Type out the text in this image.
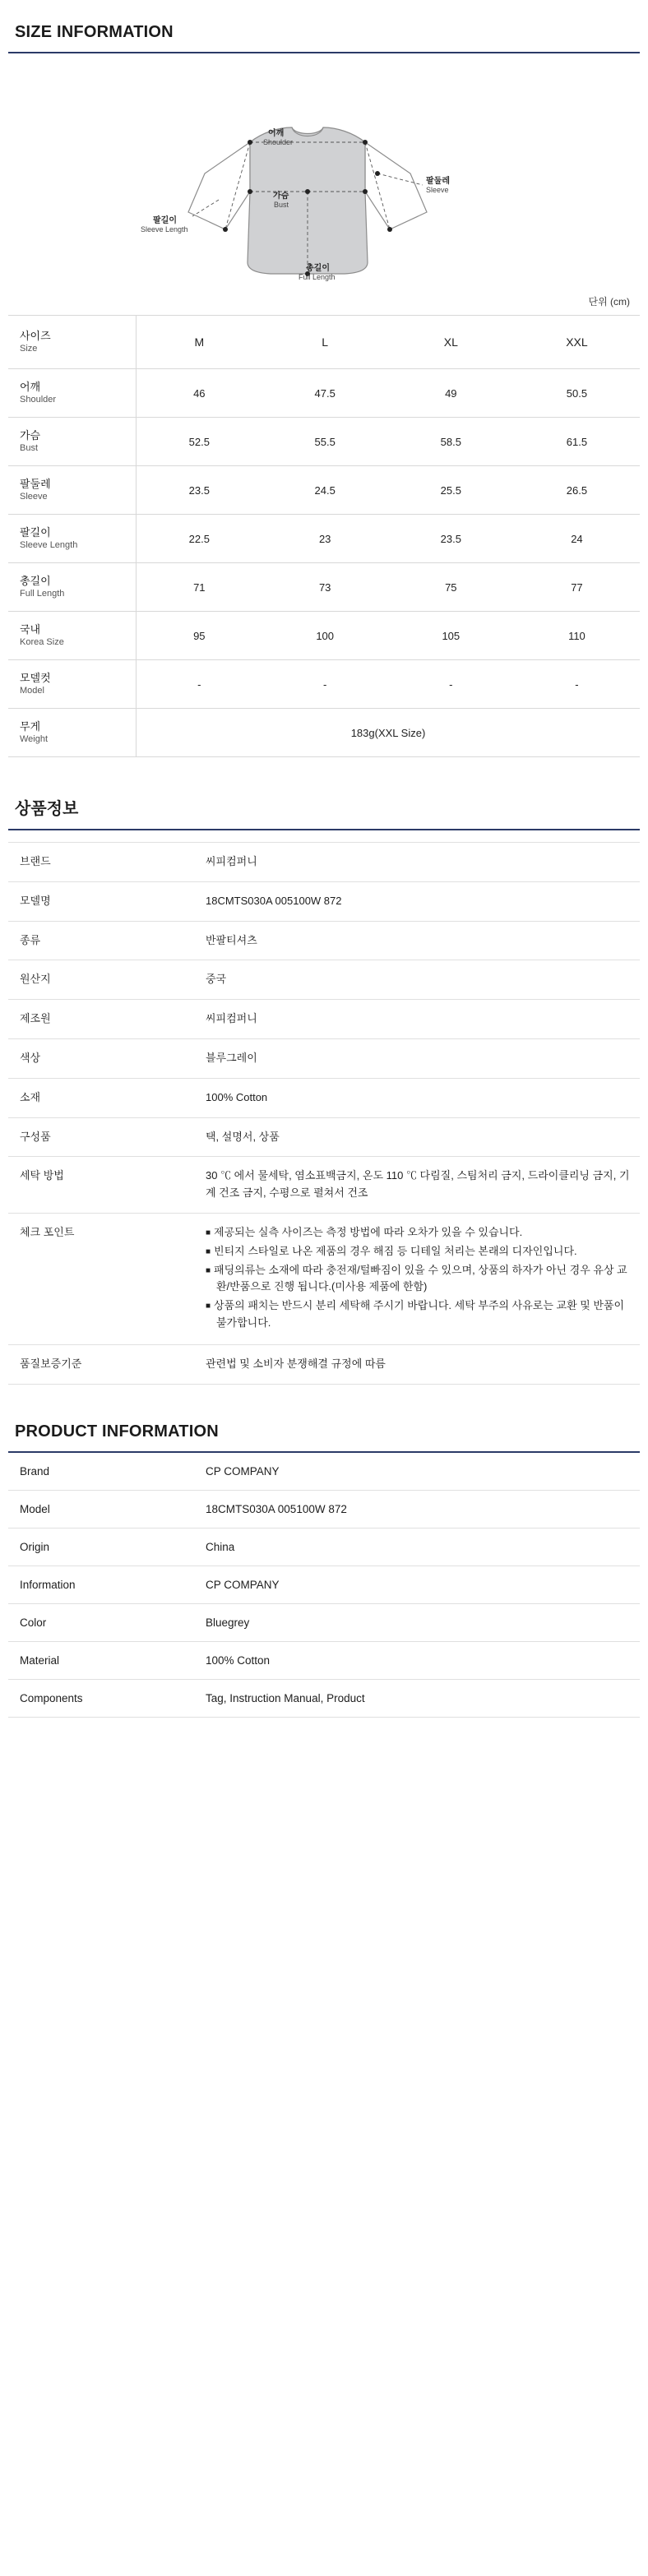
SIZE INFORMATION
어깨
Shoulder
팔둘레
Sleeve
팔길이
Sleeve Length
가슴
Bust
총길이
Full Length
단위 (cm)
사이즈
Size	M	L	XL	XXL

어깨
Shoulder	46	47.5	49	50.5

가슴
Bust	52.5	55.5	58.5	61.5

팔둘레
Sleeve	23.5	24.5	25.5	26.5

팔길이
Sleeve Length	22.5	23	23.5	24

총길이
Full Length	71	73	75	77

국내
Korea Size	95	100	105	110

모델컷
Model	-	-	-	-

무게
Weight	183g(XXL Size)			
상품정보
브랜드	씨피컴퍼니
모델명	18CMTS030A 005100W 872
종류	반팔티셔츠
원산지	중국
제조원	씨피컴퍼니
색상	블루그레이
소재	100% Cotton
구성품	택, 설명서, 상품
세탁 방법	30 ℃ 에서 물세탁, 염소표백금지, 온도 110 ℃ 다림질, 스팀처리 금지, 드라이클리닝 금지, 기계 건조 금지, 수평으로 펼쳐서 건조
체크 포인트	■ 제공되는 실측 사이즈는 측정 방법에 따라 오차가 있을 수 있습니다.

■ 빈티지 스타일로 나온 제품의 경우 해짐 등 디테일 처리는 본래의 디자인입니다.

■ 패딩의류는 소재에 따라 충전재/털빠짐이 있을 수 있으며, 상품의 하자가 아닌 경우 유상 교환/반품으로 진행 됩니다.(미사용 제품에 한함)

■ 상품의 패치는 반드시 분리 세탁해 주시기 바랍니다. 세탁 부주의 사유로는 교환 및 반품이 불가합니다.

품질보증기준	관련법 및 소비자 분쟁해결 규정에 따름
PRODUCT INFORMATION
Brand	CP COMPANY
Model	18CMTS030A 005100W 872
Origin	China
Information	CP COMPANY
Color	Bluegrey
Material	100% Cotton
Components	Tag, Instruction Manual, Product
